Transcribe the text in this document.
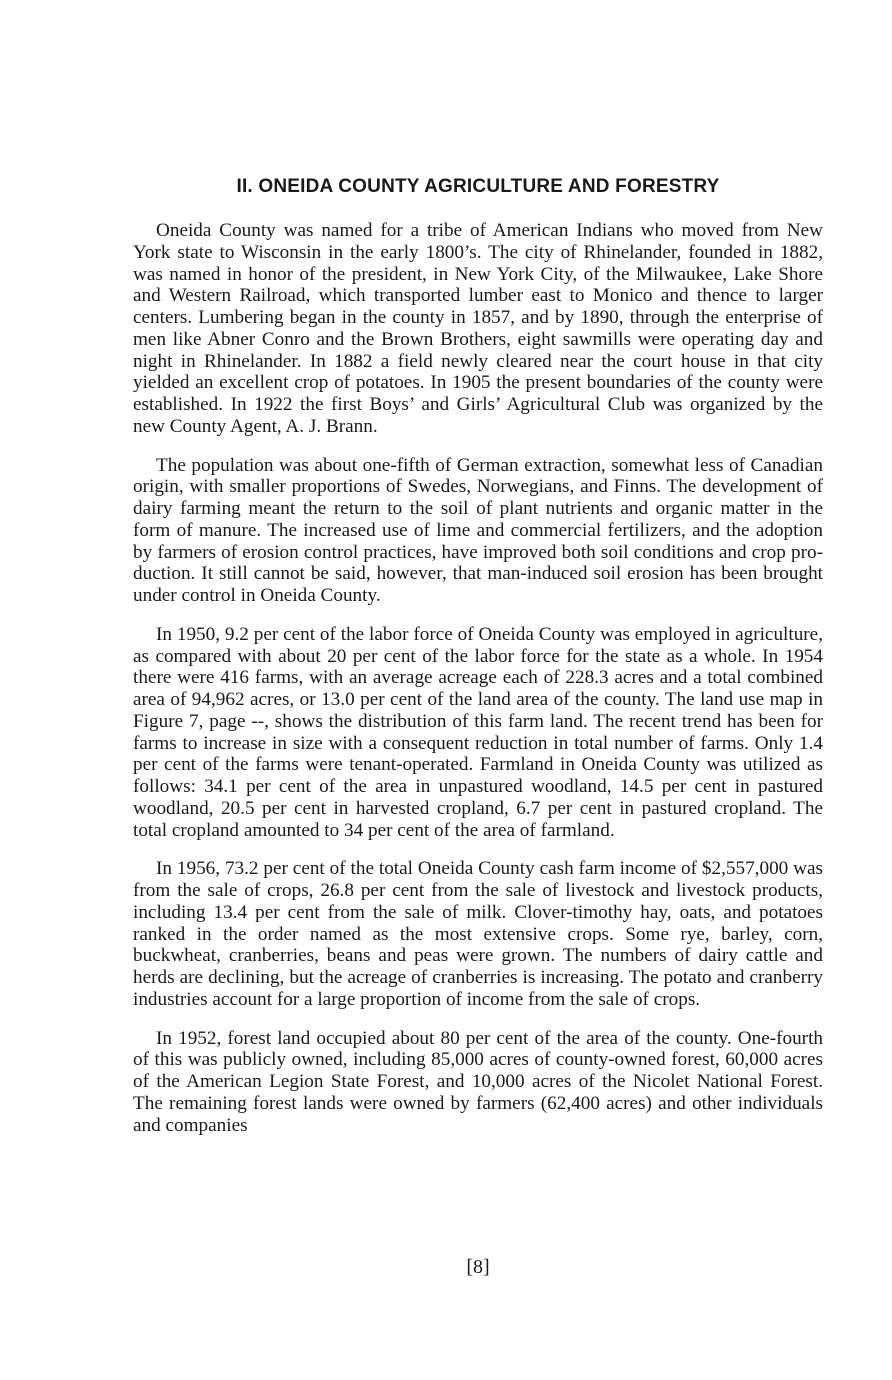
II. ONEIDA COUNTY AGRICULTURE AND FORESTRY

Oneida County was named for a tribe of American Indians who moved from New York state to Wisconsin in the early 1800’s. The city of Rhinelander, founded in 1882, was named in honor of the president, in New York City, of the Milwaukee, Lake Shore and Western Railroad, which transported lumber east to Monico and thence to larger centers. Lumbering began in the county in 1857, and by 1890, through the enterprise of men like Abner Conro and the Brown Brothers, eight sawmills were operating day and night in Rhinelander. In 1882 a field newly cleared near the court house in that city yielded an excellent crop of potatoes. In 1905 the present boundaries of the county were established. In 1922 the first Boys’ and Girls’ Agricultural Club was organized by the new County Agent, A. J. Brann.

The population was about one-fifth of German extraction, somewhat less of Canadian origin, with smaller proportions of Swedes, Norwegians, and Finns. The development of dairy farming meant the return to the soil of plant nutrients and organic matter in the form of manure. The increased use of lime and commercial fertilizers, and the adoption by farmers of erosion control practices, have improved both soil conditions and crop production. It still cannot be said, however, that man-induced soil erosion has been brought under control in Oneida County.

In 1950, 9.2 per cent of the labor force of Oneida County was employed in agriculture, as compared with about 20 per cent of the labor force for the state as a whole. In 1954 there were 416 farms, with an average acreage each of 228.3 acres and a total combined area of 94,962 acres, or 13.0 per cent of the land area of the county. The land use map in Figure 7, page --, shows the distribution of this farm land. The recent trend has been for farms to increase in size with a consequent reduction in total number of farms. Only 1.4 per cent of the farms were tenant-operated. Farmland in Oneida County was utilized as follows: 34.1 per cent of the area in unpastured woodland, 14.5 per cent in pastured woodland, 20.5 per cent in harvested cropland, 6.7 per cent in pastured cropland. The total cropland amounted to 34 per cent of the area of farmland.

In 1956, 73.2 per cent of the total Oneida County cash farm income of $2,557,000 was from the sale of crops, 26.8 per cent from the sale of livestock and livestock products, including 13.4 per cent from the sale of milk. Clover-timothy hay, oats, and potatoes ranked in the order named as the most extensive crops. Some rye, barley, corn, buckwheat, cranberries, beans and peas were grown. The numbers of dairy cattle and herds are declining, but the acreage of cranberries is increasing. The potato and cranberry industries account for a large proportion of income from the sale of crops.

In 1952, forest land occupied about 80 per cent of the area of the county. One-fourth of this was publicly owned, including 85,000 acres of county-owned forest, 60,000 acres of the American Legion State Forest, and 10,000 acres of the Nicolet National Forest. The remaining forest lands were owned by farmers (62,400 acres) and other individuals and companies

[8]
